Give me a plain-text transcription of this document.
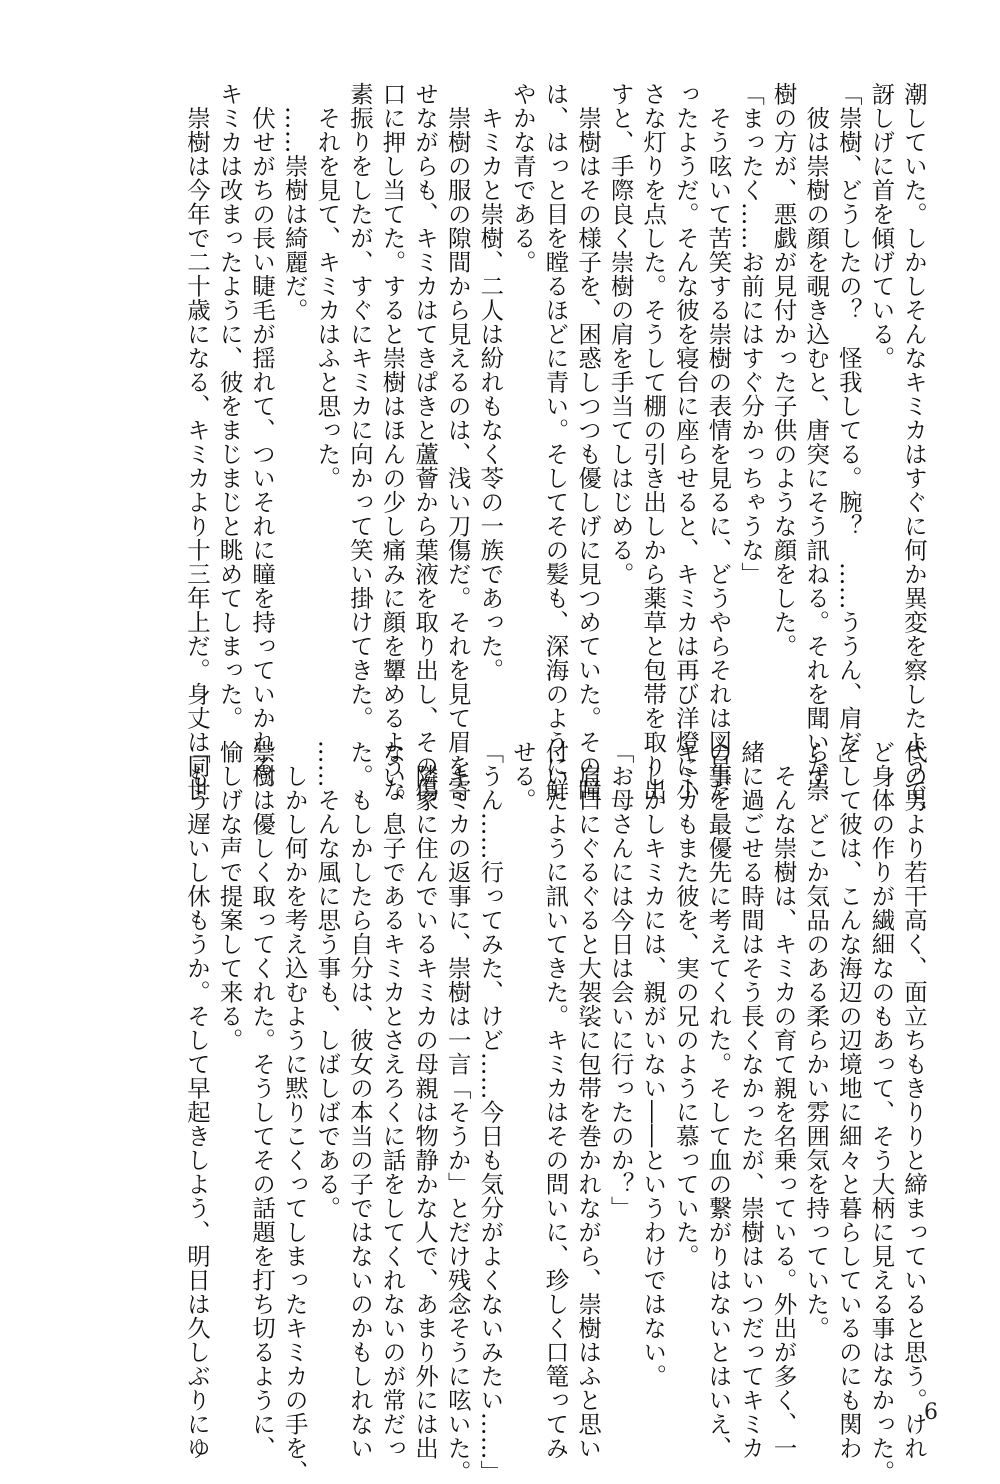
潮していた。しかしそんなキミカはすぐに何か異変を察したようで、
訝しげに首を傾げている。
「崇樹、どうしたの？　怪我してる。腕？　……ううん、肩だ」
　彼は崇樹の顔を覗き込むと、唐突にそう訊ねる。それを聞いた崇
樹の方が、悪戯が見付かった子供のような顔をした。
「まったく……お前にはすぐ分かっちゃうな」
　そう呟いて苦笑する崇樹の表情を見るに、どうやらそれは図星だ
ったようだ。そんな彼を寝台に座らせると、キミカは再び洋燈に小
さな灯りを点した。そうして棚の引き出しから薬草と包帯を取り出
すと、手際良く崇樹の肩を手当てしはじめる。
　崇樹はその様子を、困惑しつつも優しげに見つめていた。その瞳
は、はっと目を瞠るほどに青い。そしてその髪も、深海のように鮮
やかな青である。
　キミカと崇樹、二人は紛れもなく苓の一族であった。
　崇樹の服の隙間から見えるのは、浅い刀傷だ。それを見て眉を寄
せながらも、キミカはてきぱきと蘆薈から葉液を取り出し、その傷
口に押し当てた。すると崇樹はほんの少し痛みに顔を顰めるような
素振りをしたが、すぐにキミカに向かって笑い掛けてきた。
　それを見て、キミカはふと思った。
　……崇樹は綺麗だ。
　伏せがちの長い睫毛が揺れて、ついそれに瞳を持っていかれる。
キミカは改まったように、彼をまじまじと眺めてしまった。
　崇樹は今年で二十歳になる、キミカより十三年上だ。身丈は同世
代の男より若干高く、面立ちもきりりと締まっていると思う。けれ
ど身体の作りが繊細なのもあって、そう大柄に見える事はなかった。
そして彼は、こんな海辺の辺境地に細々と暮らしているのにも関わ
らず、どこか気品のある柔らかい雰囲気を持っていた。
　そんな崇樹は、キミカの育て親を名乗っている。外出が多く、一
緒に過ごせる時間はそう長くなかったが、崇樹はいつだってキミカ
の事を最優先に考えてくれた。そして血の繋がりはないとはいえ、
キミカもまた彼を、実の兄のように慕っていた。
　しかしキミカには、親がいない――というわけではない。
「お母さんには今日は会いに行ったのか？」
　肩口にぐるぐると大袈裟に包帯を巻かれながら、崇樹はふと思い
付いたように訊いてきた。キミカはその問いに、珍しく口篭ってみ
せる。
「うん……行ってみた、けど……今日も気分がよくないみたい……」
　キミカの返事に、崇樹は一言「そうか」とだけ残念そうに呟いた。
　隣家に住んでいるキミカの母親は物静かな人で、あまり外には出
ない。息子であるキミカとさえろくに話をしてくれないのが常だっ
た。もしかしたら自分は、彼女の本当の子ではないのかもしれない
……そんな風に思う事も、しばしばである。
　しかし何かを考え込むように黙りこくってしまったキミカの手を、
崇樹は優しく取ってくれた。そうしてその話題を打ち切るように、
愉しげな声で提案して来る。
「もう遅いし休もうか。そして早起きしよう、明日は久しぶりにゆ	6
